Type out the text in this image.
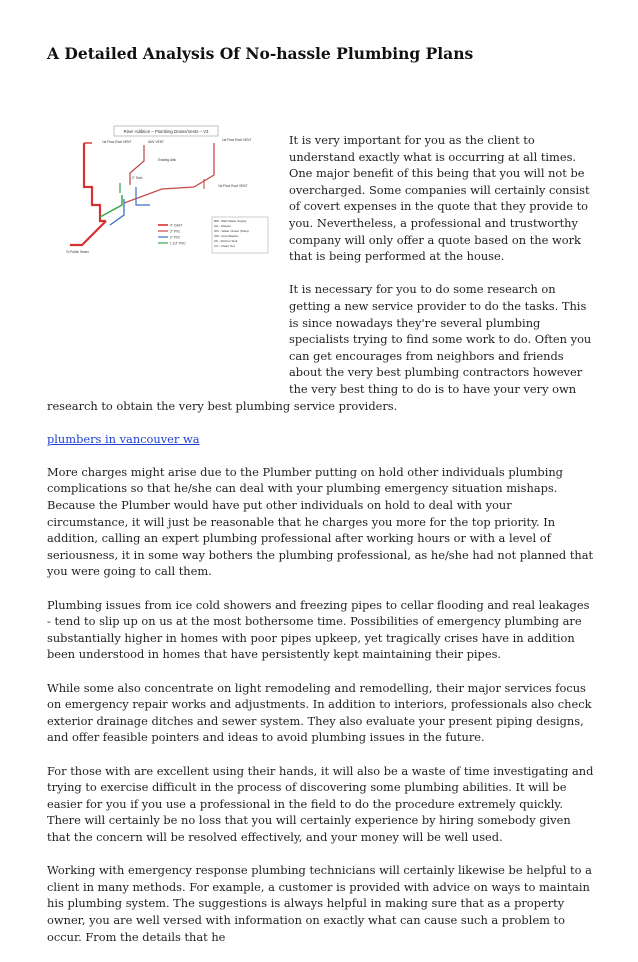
A Detailed Analysis Of No-hassle Plumbing Plans
Riser Addition – Plumbing Drains/Vents – V3
1st Floor Roof VENT	ANV VENT	1st Floor Roof VENT
Existing Attic
2" Stub
1st Floor Roof VENT
To Public Sewer
4" CAST
3" PVC
2" PVC
1 1/2" PVC
BW - Bath Water Supply
SH - Shower
WC - Water Closet (Toilet)
AW - Auto Washer
KS - Kitchen Sink
CO - Clean Out

It is very important for you as the client to understand exactly what is occurring at all times. One major benefit of this being that you will not be overcharged. Some companies will certainly consist of covert expenses in the quote that they provide to you. Nevertheless, a professional and trustworthy company will only offer a quote based on the work that is being performed at the house.

It is necessary for you to do some research on getting a new service provider to do the tasks. This is since nowadays they're several plumbing specialists trying to find some work to do. Often you can get encourages from neighbors and friends about the very best plumbing contractors however the very best thing to do is to have your very own research to obtain the very best plumbing service providers.

plumbers in vancouver wa

More charges might arise due to the Plumber putting on hold other individuals plumbing complications so that he/she can deal with your plumbing emergency situation mishaps. Because the Plumber would have put other individuals on hold to deal with your circumstance, it will just be reasonable that he charges you more for the top priority. In addition, calling an expert plumbing professional after working hours or with a level of seriousness, it in some way bothers the plumbing professional, as he/she had not planned that you were going to call them.

Plumbing issues from ice cold showers and freezing pipes to cellar flooding and real leakages - tend to slip up on us at the most bothersome time. Possibilities of emergency plumbing are substantially higher in homes with poor pipes upkeep, yet tragically crises have in addition been understood in homes that have persistently kept maintaining their pipes.

While some also concentrate on light remodeling and remodelling, their major services focus on emergency repair works and adjustments. In addition to interiors, professionals also check exterior drainage ditches and sewer system. They also evaluate your present piping designs, and offer feasible pointers and ideas to avoid plumbing issues in the future.

For those with are excellent using their hands, it will also be a waste of time investigating and trying to exercise difficult in the process of discovering some plumbing abilities. It will be easier for you if you use a professional in the field to do the procedure extremely quickly. There will certainly be no loss that you will certainly experience by hiring somebody given that the concern will be resolved effectively, and your money will be well used.

Working with emergency response plumbing technicians will certainly likewise be helpful to a client in many methods. For example, a customer is provided with advice on ways to maintain his plumbing system. The suggestions is always helpful in making sure that as a property owner, you are well versed with information on exactly what can cause such a problem to occur. From the details that he
